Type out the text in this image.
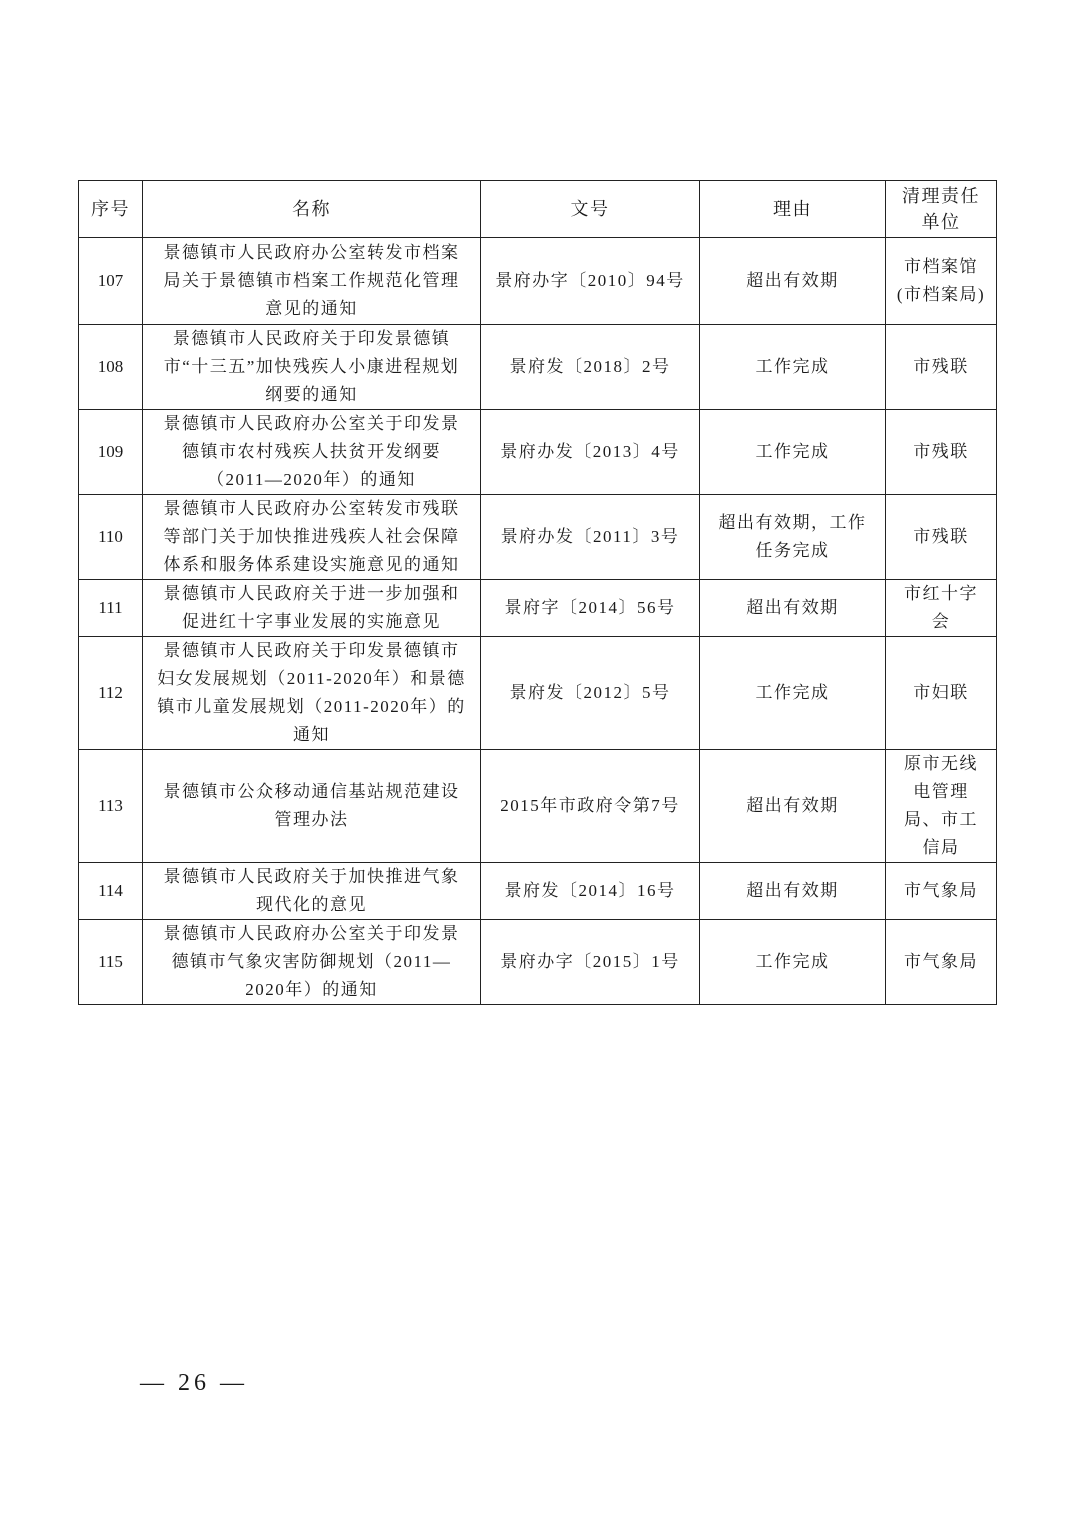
序号	名称	文号	理由	清理责任单位
107	景德镇市人民政府办公室转发市档案局关于景德镇市档案工作规范化管理意见的通知	景府办字〔2010〕94号	超出有效期	市档案馆(市档案局)
108	景德镇市人民政府关于印发景德镇市“十三五”加快残疾人小康进程规划纲要的通知	景府发〔2018〕2号	工作完成	市残联
109	景德镇市人民政府办公室关于印发景德镇市农村残疾人扶贫开发纲要（2011—2020年）的通知	景府办发〔2013〕4号	工作完成	市残联
110	景德镇市人民政府办公室转发市残联等部门关于加快推进残疾人社会保障体系和服务体系建设实施意见的通知	景府办发〔2011〕3号	超出有效期，工作任务完成	市残联
111	景德镇市人民政府关于进一步加强和促进红十字事业发展的实施意见	景府字〔2014〕56号	超出有效期	市红十字会
112	景德镇市人民政府关于印发景德镇市妇女发展规划（2011-2020年）和景德镇市儿童发展规划（2011-2020年）的通知	景府发〔2012〕5号	工作完成	市妇联
113	景德镇市公众移动通信基站规范建设管理办法	2015年市政府令第7号	超出有效期	原市无线电管理局、市工信局
114	景德镇市人民政府关于加快推进气象现代化的意见	景府发〔2014〕16号	超出有效期	市气象局
115	景德镇市人民政府办公室关于印发景德镇市气象灾害防御规划（2011—2020年）的通知	景府办字〔2015〕1号	工作完成	市气象局
— 26 —
